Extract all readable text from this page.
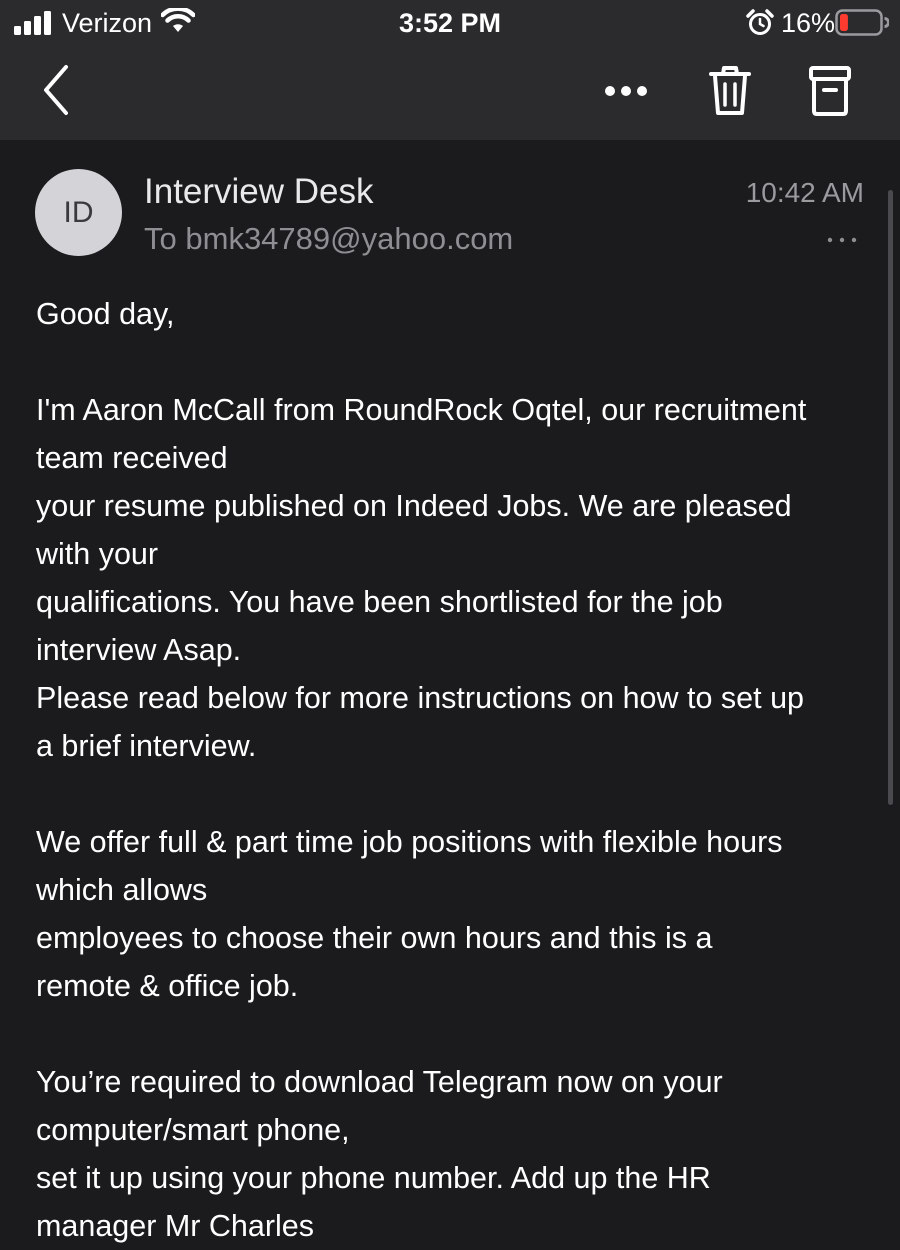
Verizon	3:52 PM	16%
ID
Interview Desk
To bmk34789@yahoo.com
10:42 AM
Good day,
I'm Aaron McCall from RoundRock Oqtel, our recruitment
team received
your resume published on Indeed Jobs. We are pleased
with your
qualifications. You have been shortlisted for the job
interview Asap.
Please read below for more instructions on how to set up
a brief interview.
We offer full & part time job positions with flexible hours
which allows
employees to choose their own hours and this is a
remote & office job.
You’re required to download Telegram now on your
computer/smart phone,
set it up using your phone number. Add up the HR
manager Mr Charles
